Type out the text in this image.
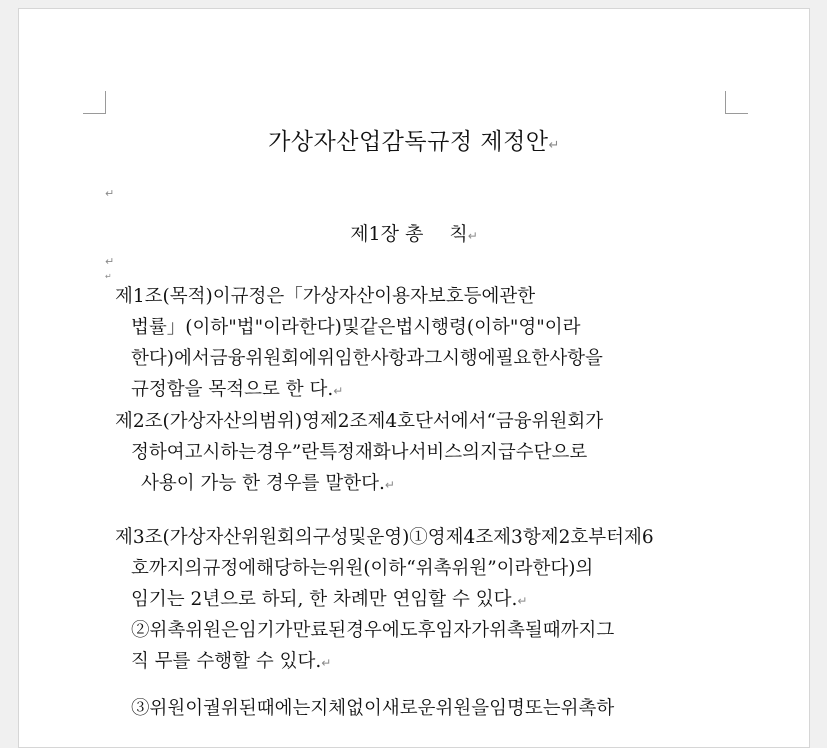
가상자산업감독규정 제정안↵
↵
제1장 총 칙↵
↵
↵
제1조(목적)이규정은「가상자산이용자보호등에관한
법률」(이하"법"이라한다)및같은법시행령(이하"영"이라
한다)에서금융위원회에위임한사항과그시행에필요한사항을
규정함을 목적으로 한 다.↵
제2조(가상자산의범위)영제2조제4호단서에서“금융위원회가
정하여고시하는경우”란특정재화나서비스의지급수단으로
사용이 가능 한 경우를 말한다.↵
제3조(가상자산위원회의구성및운영)①영제4조제3항제2호부터제6
호까지의규정에해당하는위원(이하“위촉위원”이라한다)의
임기는 2년으로 하되, 한 차례만 연임할 수 있다.↵
②위촉위원은임기가만료된경우에도후임자가위촉될때까지그
직 무를 수행할 수 있다.↵
③위원이궐위된때에는지체없이새로운위원을임명또는위촉하
